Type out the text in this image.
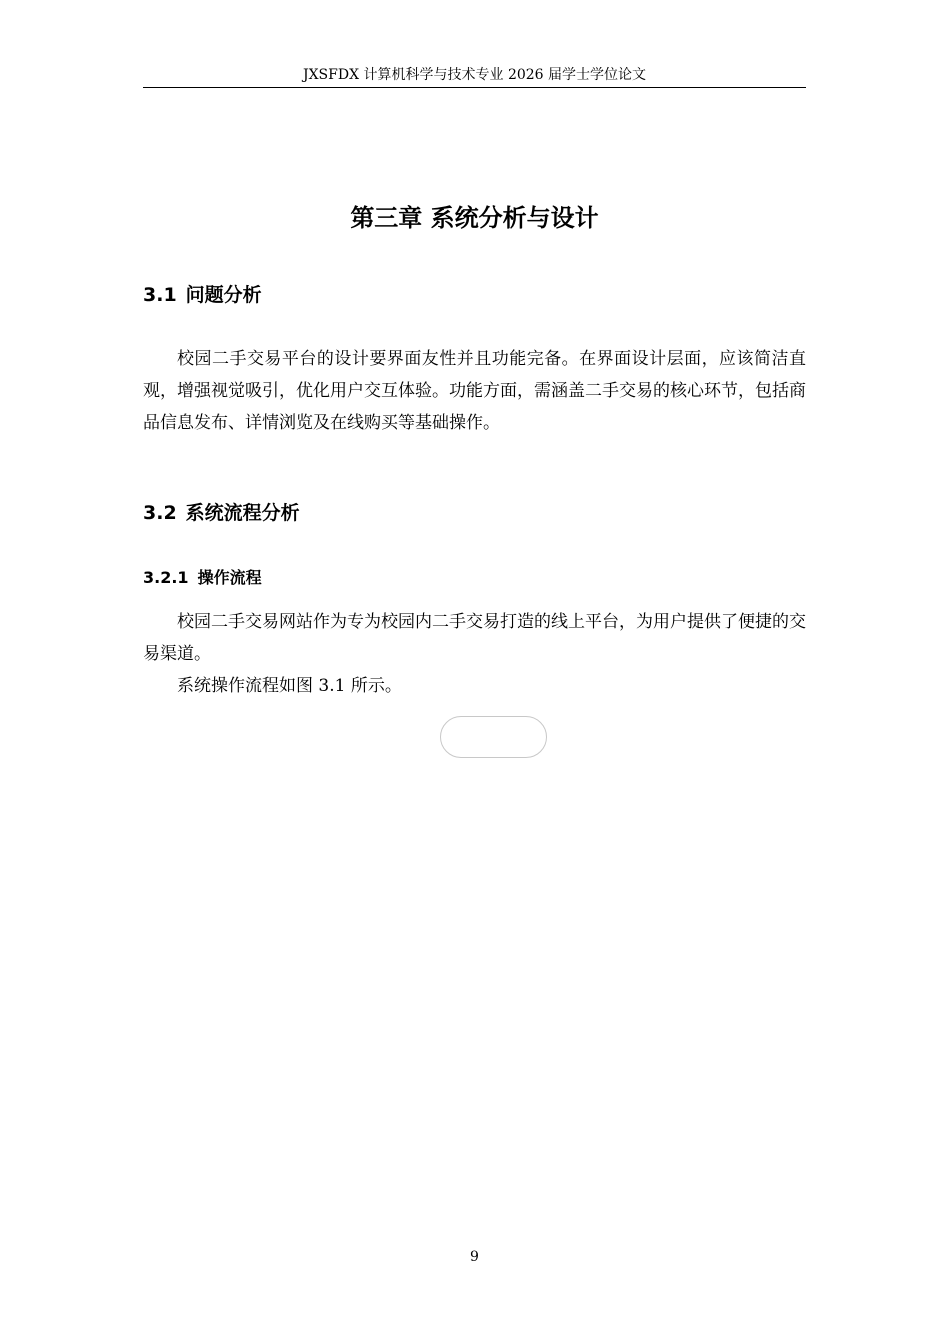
JXSFDX 计算机科学与技术专业 2026 届学士学位论文
第三章 系统分析与设计
3.1 问题分析

校园二手交易平台的设计要界面友性并且功能完备。在界面设计层面，应该简洁直观，增强视觉吸引，优化用户交互体验。功能方面，需涵盖二手交易的核心环节，包括商品信息发布、详情浏览及在线购买等基础操作。

3.2 系统流程分析
3.2.1 操作流程

校园二手交易网站作为专为校园内二手交易打造的线上平台，为用户提供了便捷的交易渠道。

系统操作流程如图 3.1 所示。

9
